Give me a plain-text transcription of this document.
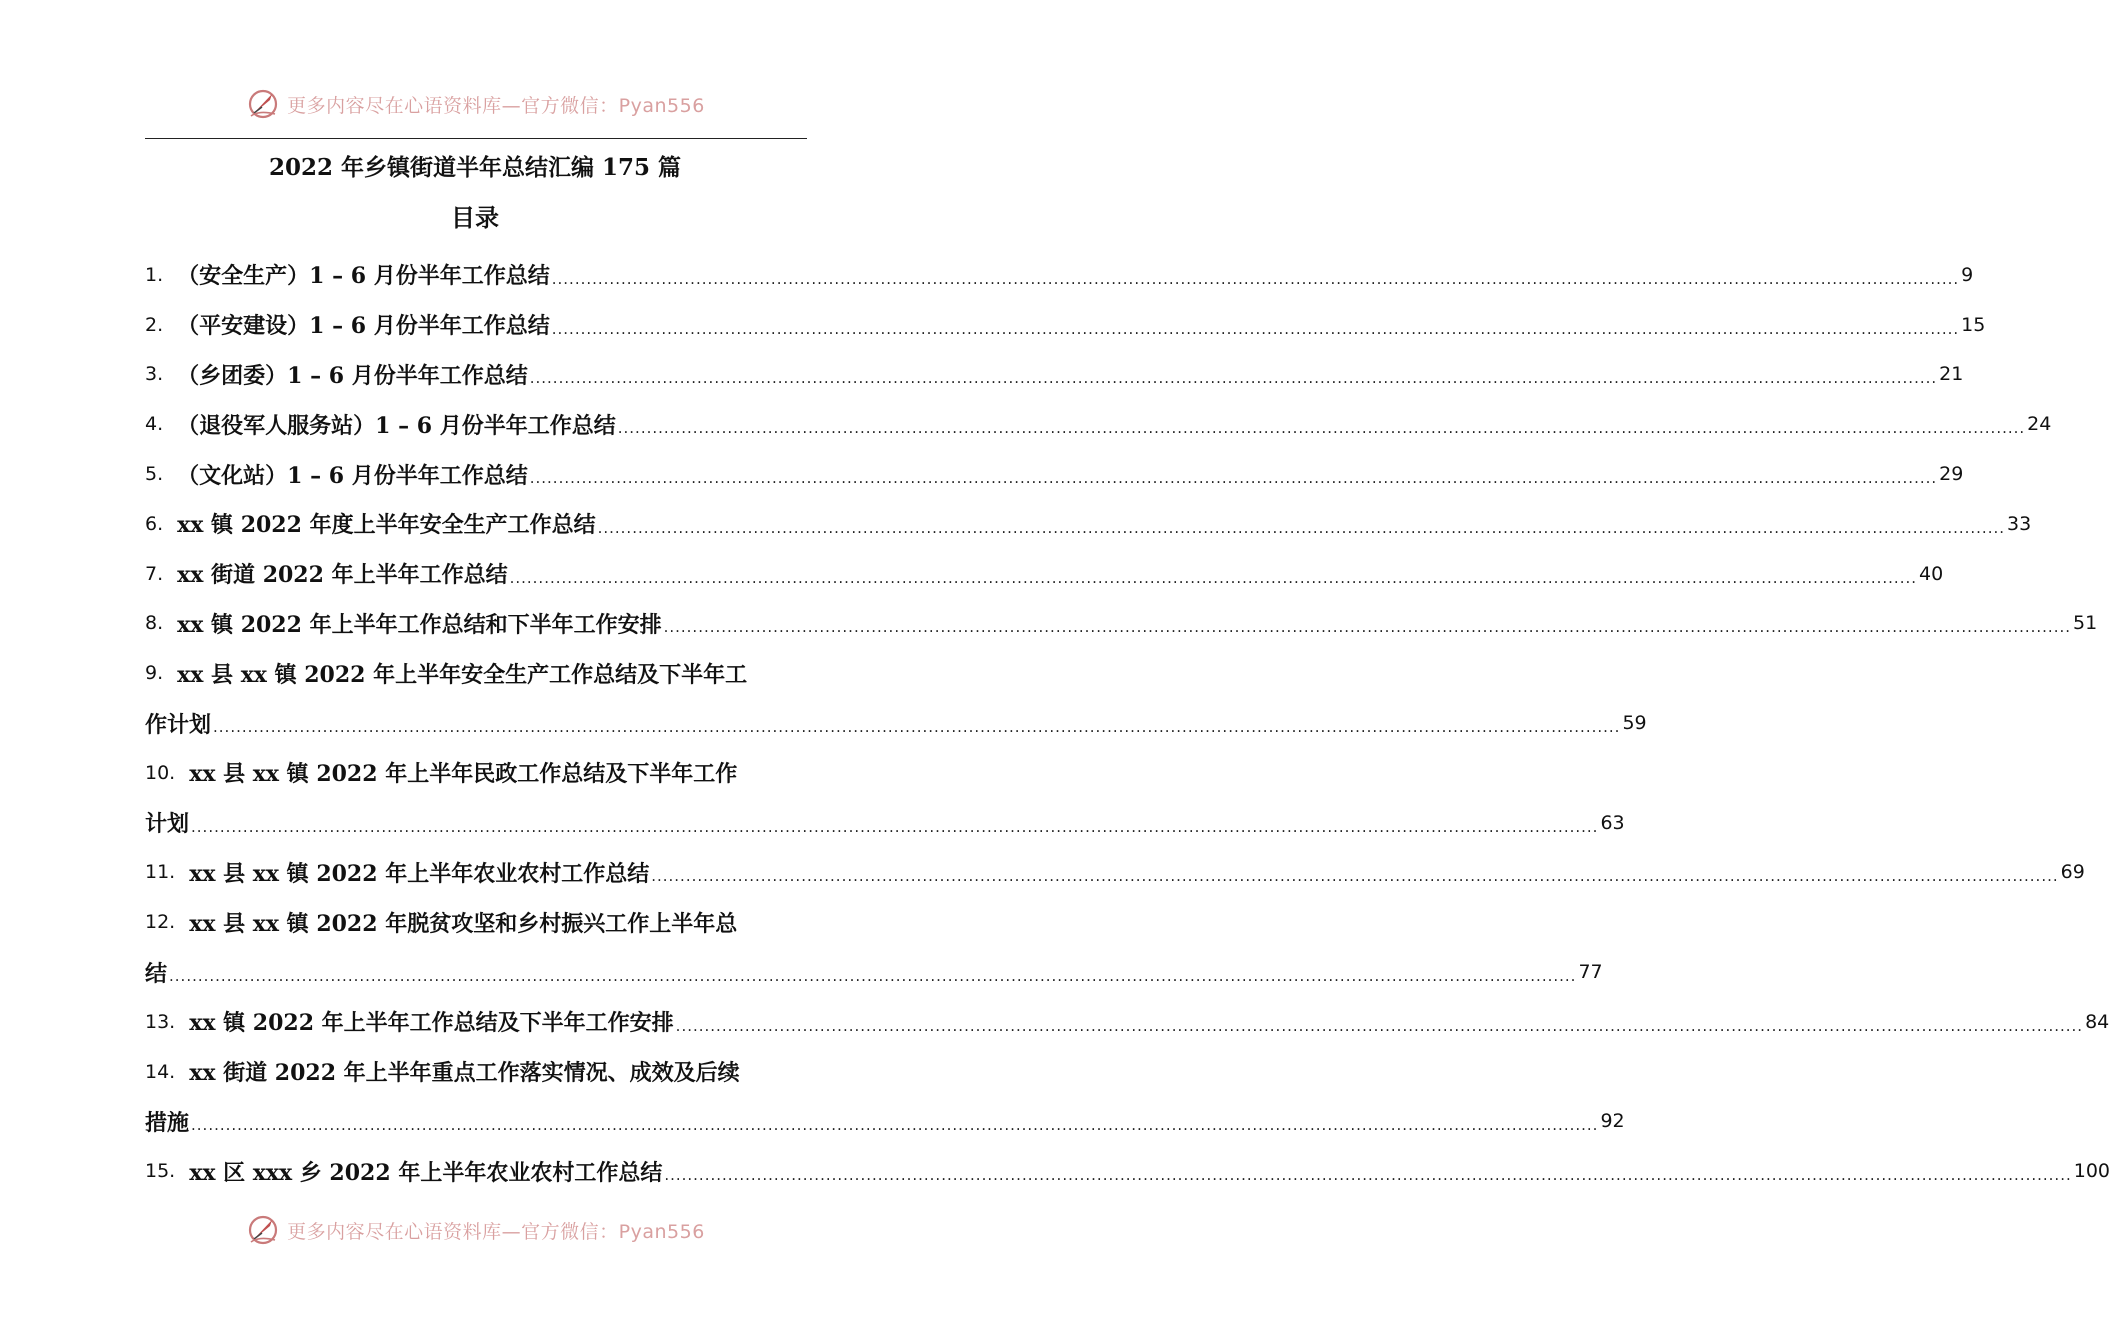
更多内容尽在心语资料库—官方微信：Pyan556
2022 年乡镇街道半年总结汇编 175 篇
目录
1. （安全生产）1 – 6 月份半年工作总结 .....	9
2. （平安建设）1 – 6 月份半年工作总结 .....	15
3. （乡团委）1 – 6 月份半年工作总结 .....	21
4. （退役军人服务站）1 – 6 月份半年工作总结 .....	24
5. （文化站）1 – 6 月份半年工作总结 .....	29
6. xx 镇 2022 年度上半年安全生产工作总结 .....	33
7. xx 街道 2022 年上半年工作总结 .....	40
8. xx 镇 2022 年上半年工作总结和下半年工作安排 .....	51
9. xx 县 xx 镇 2022 年上半年安全生产工作总结及下半年工
作计划 .....	59
10. xx 县 xx 镇 2022 年上半年民政工作总结及下半年工作
计划 .....	63
11. xx 县 xx 镇 2022 年上半年农业农村工作总结 .....	69
12. xx 县 xx 镇 2022 年脱贫攻坚和乡村振兴工作上半年总
结 .....	77
13. xx 镇 2022 年上半年工作总结及下半年工作安排 .....	84
14. xx 街道 2022 年上半年重点工作落实情况、成效及后续
措施 .....	92
15. xx 区 xxx 乡 2022 年上半年农业农村工作总结 .....	100
更多内容尽在心语资料库—官方微信：Pyan556
